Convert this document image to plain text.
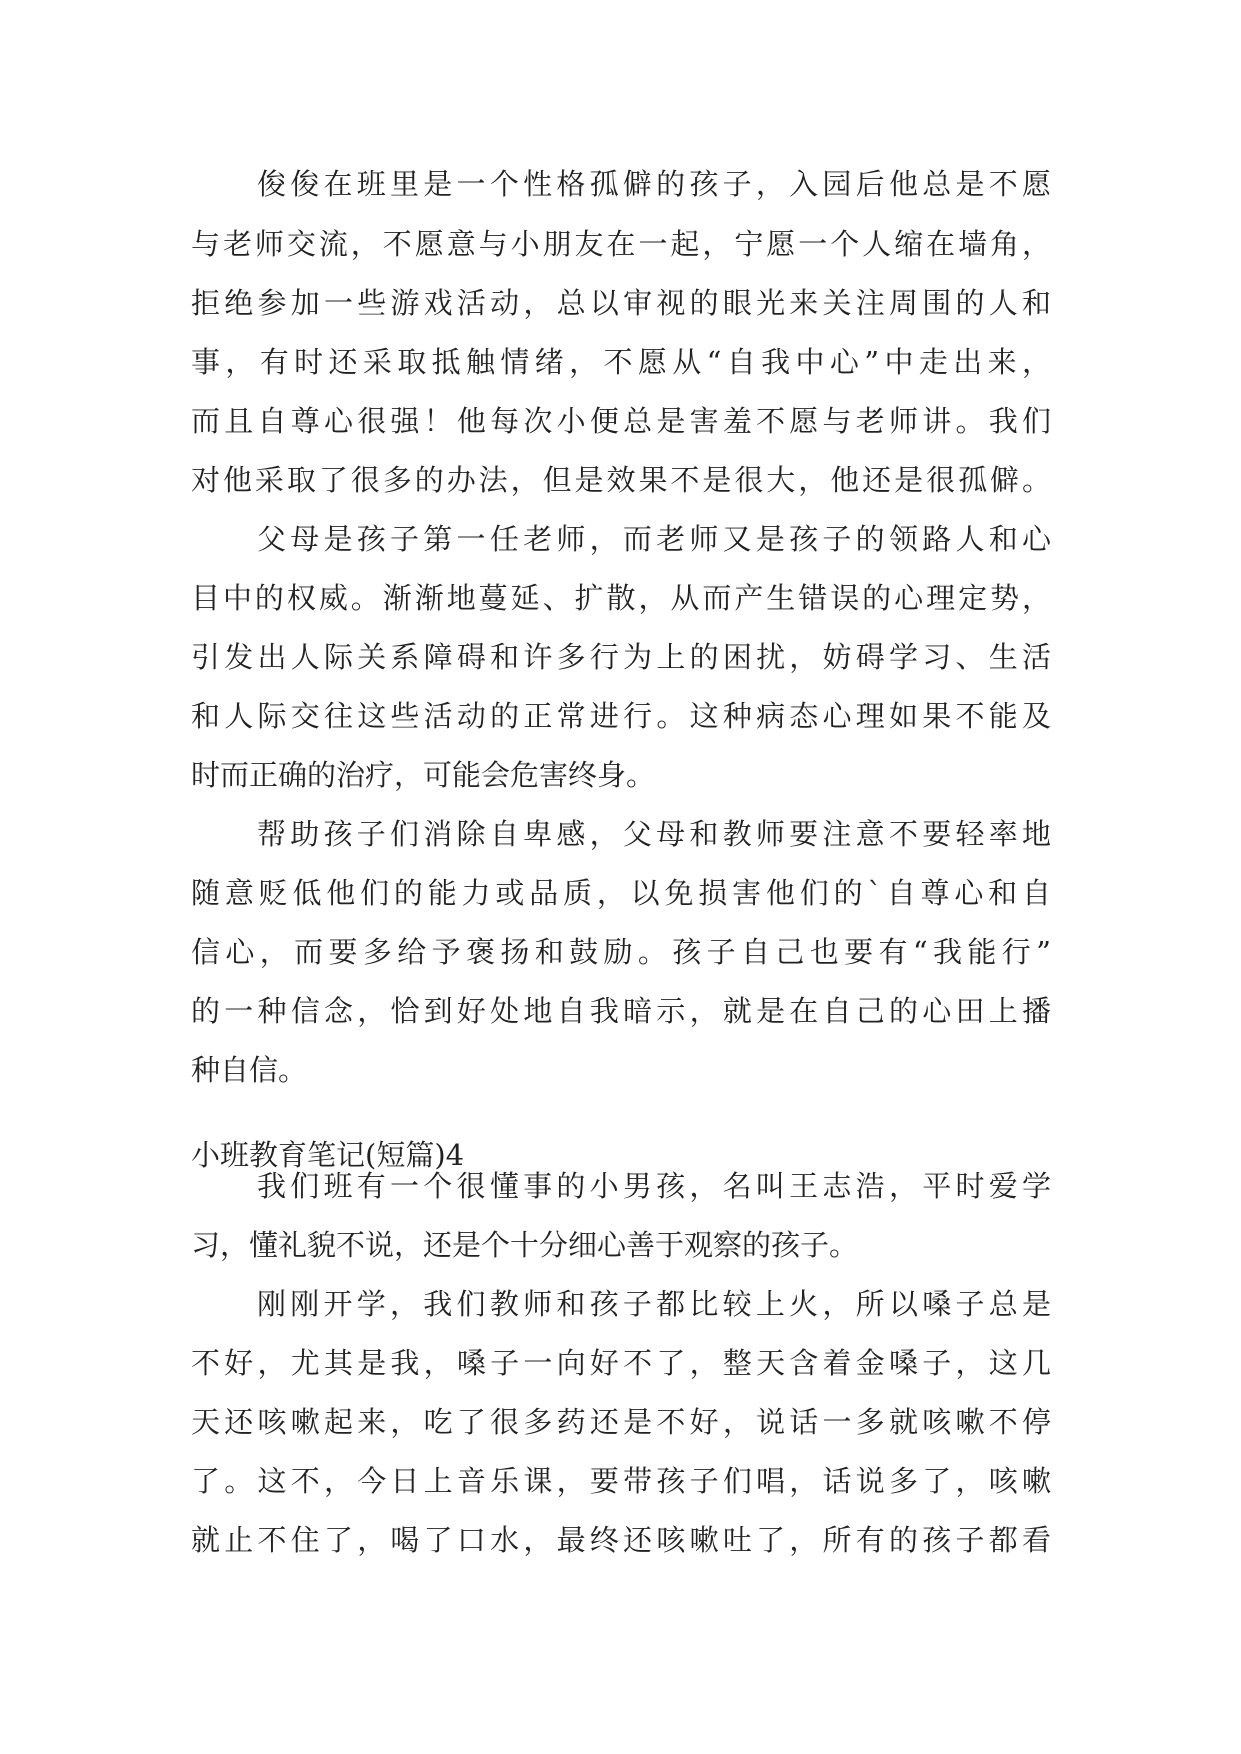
俊俊在班里是一个性格孤僻的孩子，入园后他总是不愿
与老师交流，不愿意与小朋友在一起，宁愿一个人缩在墙角，
拒绝参加一些游戏活动，总以审视的眼光来关注周围的人和
事，有时还采取抵触情绪，不愿从“自我中心”中走出来，
而且自尊心很强！他每次小便总是害羞不愿与老师讲。我们
对他采取了很多的办法，但是效果不是很大，他还是很孤僻。
父母是孩子第一任老师，而老师又是孩子的领路人和心
目中的权威。渐渐地蔓延、扩散，从而产生错误的心理定势，
引发出人际关系障碍和许多行为上的困扰，妨碍学习、生活
和人际交往这些活动的正常进行。这种病态心理如果不能及
时而正确的治疗，可能会危害终身。
帮助孩子们消除自卑感，父母和教师要注意不要轻率地
随意贬低他们的能力或品质，以免损害他们的`自尊心和自
信心，而要多给予褒扬和鼓励。孩子自己也要有“我能行”
的一种信念，恰到好处地自我暗示，就是在自己的心田上播
种自信。
小班教育笔记(短篇)4
我们班有一个很懂事的小男孩，名叫王志浩，平时爱学
习，懂礼貌不说，还是个十分细心善于观察的孩子。
刚刚开学，我们教师和孩子都比较上火，所以嗓子总是
不好，尤其是我，嗓子一向好不了，整天含着金嗓子，这几
天还咳嗽起来，吃了很多药还是不好，说话一多就咳嗽不停
了。这不，今日上音乐课，要带孩子们唱，话说多了，咳嗽
就止不住了，喝了口水，最终还咳嗽吐了，所有的孩子都看
